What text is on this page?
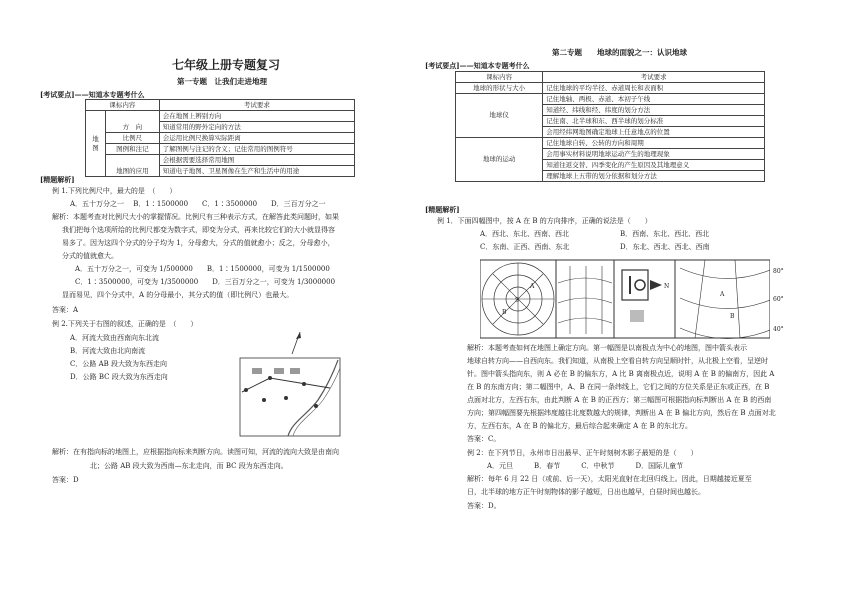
七年级上册专题复习
第一专题　让我们走进地理
[考试要点]——知道本专题考什么
课标内容		考试要求
地　图	方　向	会在地图上辨别方向
		知道常用的野外定向的方法
	比例尺	会运用比例尺换算实际距离
	图例和注记	了解图例与注记的含义；记住常用的图例符号
	地图的应用	会根据需要选择常用地图
		知道电子地图、卫星图像在生产和生活中的用途
[精题解析]
例 1.下列比例尺中，最大的是　（　　）
A．五十万分之一　 B．1∶1500000　　C．1∶3500000　　D．三百万分之一
解析：本题考查对比例尺大小的掌握情况。比例尺有三种表示方式，在解答此类问题时，如果
我们把每个选项所给的比例尺都变为数字式，即变为分式，再来比较它们的大小就显得容
易多了。因为这四个分式的分子均为 1，分母愈大，分式的值就愈小；反之，分母愈小，
分式的值就愈大。
A．五十万分之一，可变为 1/500000　　B．1∶1500000，可变为 1/1500000
C．1∶3500000，可变为 1/3500000　　D．三百万分之一，可变为 1/3000000
显而易见，四个分式中，A 的分母最小，其分式的值（即比例尺）也最大。
答案：A
例 2.下列关于右图的叙述，正确的是　（　　）
A．河流大致由西南向东北流
B．河流大致由北向南流
C．公路 AB 段大致为东西走向
D．公路 BC 段大致为东西走向
解析：在有指向标的地图上，应根据指向标来判断方向。读图可知，河流的流向大致是由南向
北；公路 AB 段大致为西南—东北走向，而 BC 段为东西走向。
答案：D
第二专题　　地球的面貌之一：认识地球
[考试要点]——知道本专题考什么
课标内容	考试要求
地球的形状与大小	记住地球的平均半径、赤道周长和表面积
地球仪	记住地轴、两极、赤道、本初子午线
	知道经、纬线和经、纬度的划分方法
	记住南、北半球和东、西半球的划分标准
	会用经纬网地图确定地球上任意地点的位置
地球的运动	记住地球自转、公转的方向和周期
	会用事实材料说明地球运动产生的地理现象
	知道往返交替、四季变化的产生原因及其地理意义
	理解地球上五带的划分依据和划分方法
[精题解析]
例 1．下面四幅图中，按 A 在 B 的方向排序，正确的说法是（　　）
A．西北、东北、西南、西北	B．西南、东北、西北、西北
C．东南、正西、西南、东北	D．东北、西北、西北、西南
S
A
B
N
A
B
80°
60°
40°
解析：本题考查如何在地图上确定方向。第一幅图是以南极点为中心的地图，图中箭头表示
地球自转方向——自西向东。我们知道，从南极上空看自转方向呈顺时针，从北极上空看，呈逆时
针。图中箭头指向东，则 A 必在 B 的偏东方，A 比 B 离南极点近，说明 A 在 B 的偏南方，因此 A
在 B 的东南方向；第二幅图中，A、B 在同一条纬线上，它们之间的方位关系是正东或正西，在 B
点面对北方，左西右东，由此判断 A 在 B 的正西方；第三幅图可根据指向标判断出 A 在 B 的西南
方向；第四幅图要先根据纬度越往北度数越大的规律，判断出 A 在 B 偏北方向，然后在 B 点面对北
方，左西右东，A 在 B 的偏北方，最后综合起来确定 A 在 B 的东北方。
答案：C。
例 2：在下列节日，永州市日出最早、正午时刻树木影子最短的是（　　）
A．元旦　　　B．春节　　　C．中秋节　　　D．国际儿童节
解析：每年 6 月 22 日（或前、后一天），太阳光直射在北回归线上。因此，日期越接近夏至
日，北半球的地方正午时刻物体的影子越短，日出也越早，白昼时间也越长。
答案：D。
